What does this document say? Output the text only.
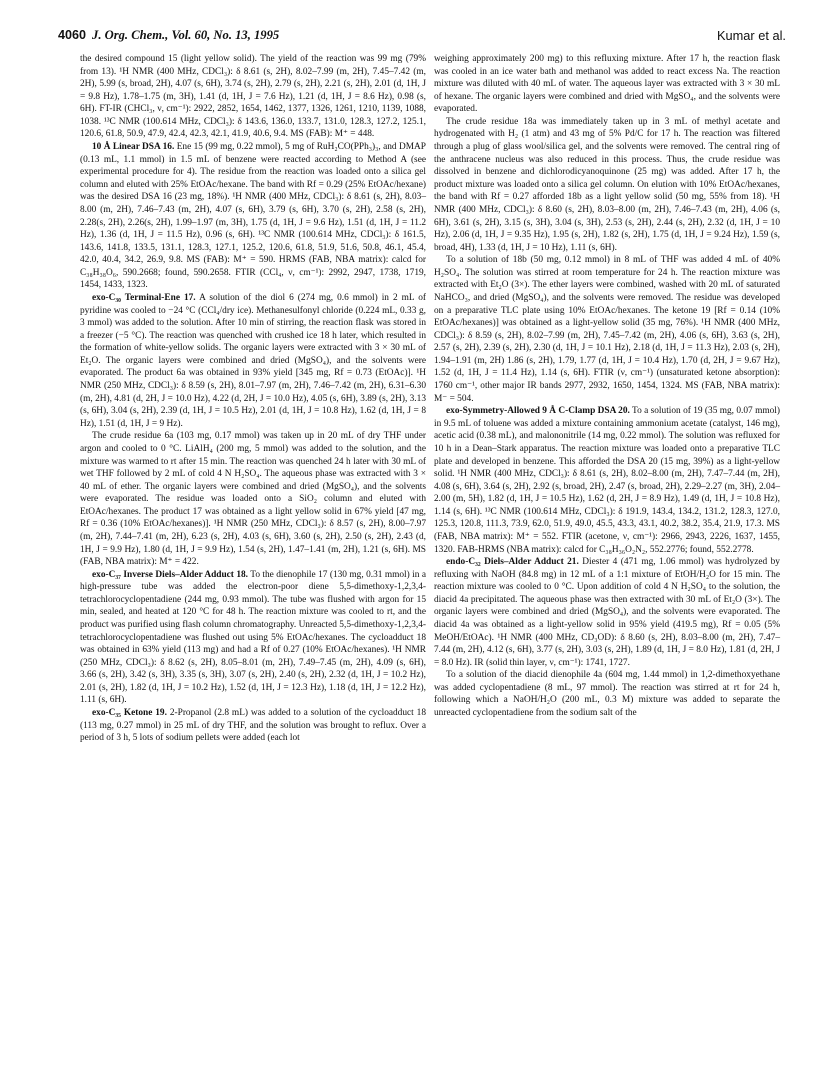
4060 J. Org. Chem., Vol. 60, No. 13, 1995	Kumar et al.

the desired compound 15 (light yellow solid). The yield of the reaction was 99 mg (79% from 13). ¹H NMR (400 MHz, CDCl₃): δ 8.61 (s, 2H), 8.02–7.99 (m, 2H), 7.45–7.42 (m, 2H), 5.99 (s, broad, 2H), 4.07 (s, 6H), 3.74 (s, 2H), 2.79 (s, 2H), 2.21 (s, 2H), 2.01 (d, 1H, J = 9.8 Hz), 1.78–1.75 (m, 3H), 1.41 (d, 1H, J = 7.6 Hz), 1.21 (d, 1H, J = 8.6 Hz), 0.98 (s, 6H). FT-IR (CHCl₃, ν, cm⁻¹): 2922, 2852, 1654, 1462, 1377, 1326, 1261, 1210, 1139, 1088, 1038. ¹³C NMR (100.614 MHz, CDCl₃): δ 143.6, 136.0, 133.7, 131.0, 128.3, 127.2, 125.1, 120.6, 61.8, 50.9, 47.9, 42.4, 42.3, 42.1, 41.9, 40.6, 9.4. MS (FAB): M⁺ = 448.

10 Å Linear DSA 16. Ene 15 (99 mg, 0.22 mmol), 5 mg of RuH₂CO(PPh₃)₃, and DMAP (0.13 mL, 1.1 mmol) in 1.5 mL of benzene were reacted according to Method A (see experimental procedure for 4). The residue from the reaction was loaded onto a silica gel column and eluted with 25% EtOAc/hexane. The band with Rf = 0.29 (25% EtOAc/hexane) was the desired DSA 16 (23 mg, 18%). ¹H NMR (400 MHz, CDCl₃): δ 8.61 (s, 2H), 8.03–8.00 (m, 2H), 7.46–7.43 (m, 2H), 4.07 (s, 6H), 3.79 (s, 6H), 3.70 (s, 2H), 2.58 (s, 2H), 2.28(s, 2H), 2.26(s, 2H), 1.99–1.97 (m, 3H), 1.75 (d, 1H, J = 9.6 Hz), 1.51 (d, 1H, J = 11.2 Hz), 1.36 (d, 1H, J = 11.5 Hz), 0.96 (s, 6H). ¹³C NMR (100.614 MHz, CDCl₃): δ 161.5, 143.6, 141.8, 133.5, 131.1, 128.3, 127.1, 125.2, 120.6, 61.8, 51.9, 51.6, 50.8, 46.1, 45.4, 42.0, 40.4, 34.2, 26.9, 9.8. MS (FAB): M⁺ = 590. HRMS (FAB, NBA matrix): calcd for C₃₈H₃₈O₆, 590.2668; found, 590.2658. FTIR (CCl₄, ν, cm⁻¹): 2992, 2947, 1738, 1719, 1454, 1433, 1323.

exo-C₃₀ Terminal-Ene 17. A solution of the diol 6 (274 mg, 0.6 mmol) in 2 mL of pyridine was cooled to −24 °C (CCl₄/dry ice). Methanesulfonyl chloride (0.224 mL, 0.33 g, 3 mmol) was added to the solution. After 10 min of stirring, the reaction flask was stored in a freezer (−5 °C). The reaction was quenched with crushed ice 18 h later, which resulted in the formation of white-yellow solids. The organic layers were extracted with 3 × 30 mL of Et₂O. The organic layers were combined and dried (MgSO₄), and the solvents were evaporated. The product 6a was obtained in 93% yield [345 mg, Rf = 0.73 (EtOAc)]. ¹H NMR (250 MHz, CDCl₃): δ 8.59 (s, 2H), 8.01–7.97 (m, 2H), 7.46–7.42 (m, 2H), 6.31–6.30 (m, 2H), 4.81 (d, 2H, J = 10.0 Hz), 4.22 (d, 2H, J = 10.0 Hz), 4.05 (s, 6H), 3.89 (s, 2H), 3.13 (s, 6H), 3.04 (s, 2H), 2.39 (d, 1H, J = 10.5 Hz), 2.01 (d, 1H, J = 10.8 Hz), 1.62 (d, 1H, J = 8 Hz), 1.51 (d, 1H, J = 9 Hz).

The crude residue 6a (103 mg, 0.17 mmol) was taken up in 20 mL of dry THF under argon and cooled to 0 °C. LiAlH₄ (200 mg, 5 mmol) was added to the solution, and the mixture was warmed to rt after 15 min. The reaction was quenched 24 h later with 30 mL of wet THF followed by 2 mL of cold 4 N H₂SO₄. The aqueous phase was extracted with 3 × 40 mL of ether. The organic layers were combined and dried (MgSO₄), and the solvents were evaporated. The residue was loaded onto a SiO₂ column and eluted with EtOAc/hexanes. The product 17 was obtained as a light yellow solid in 67% yield [47 mg, Rf = 0.36 (10% EtOAc/hexanes)]. ¹H NMR (250 MHz, CDCl₃): δ 8.57 (s, 2H), 8.00–7.97 (m, 2H), 7.44–7.41 (m, 2H), 6.23 (s, 2H), 4.03 (s, 6H), 3.60 (s, 2H), 2.50 (s, 2H), 2.43 (d, 1H, J = 9.9 Hz), 1.80 (d, 1H, J = 9.9 Hz), 1.54 (s, 2H), 1.47–1.41 (m, 2H), 1.21 (s, 6H). MS (FAB, NBA matrix): M⁺ = 422.

exo-C₃₇ Inverse Diels–Alder Adduct 18. To the dienophile 17 (130 mg, 0.31 mmol) in a high-pressure tube was added the electron-poor diene 5,5-dimethoxy-1,2,3,4-tetrachlorocyclopentadiene (244 mg, 0.93 mmol). The tube was flushed with argon for 15 min, sealed, and heated at 120 °C for 48 h. The reaction mixture was cooled to rt, and the product was purified using flash column chromatography. Unreacted 5,5-dimethoxy-1,2,3,4-tetrachlorocyclopentadiene was flushed out using 5% EtOAc/hexanes. The cycloadduct 18 was obtained in 63% yield (113 mg) and had a Rf of 0.27 (10% EtOAc/hexanes). ¹H NMR (250 MHz, CDCl₃): δ 8.62 (s, 2H), 8.05–8.01 (m, 2H), 7.49–7.45 (m, 2H), 4.09 (s, 6H), 3.66 (s, 2H), 3.42 (s, 3H), 3.35 (s, 3H), 3.07 (s, 2H), 2.40 (s, 2H), 2.32 (d, 1H, J = 10.2 Hz), 2.01 (s, 2H), 1.82 (d, 1H, J = 10.2 Hz), 1.52 (d, 1H, J = 12.3 Hz), 1.18 (d, 1H, J = 12.2 Hz), 1.11 (s, 6H).

exo-C₃₅ Ketone 19. 2-Propanol (2.8 mL) was added to a solution of the cycloadduct 18 (113 mg, 0.27 mmol) in 25 mL of dry THF, and the solution was brought to reflux. Over a period of 3 h, 5 lots of sodium pellets were added (each lot

weighing approximately 200 mg) to this refluxing mixture. After 17 h, the reaction flask was cooled in an ice water bath and methanol was added to react excess Na. The reaction mixture was diluted with 40 mL of water. The aqueous layer was extracted with 3 × 30 mL of hexane. The organic layers were combined and dried with MgSO₄, and the solvents were evaporated.

The crude residue 18a was immediately taken up in 3 mL of methyl acetate and hydrogenated with H₂ (1 atm) and 43 mg of 5% Pd/C for 17 h. The reaction was filtered through a plug of glass wool/silica gel, and the solvents were removed. The central ring of the anthracene nucleus was also reduced in this process. Thus, the crude residue was dissolved in benzene and dichlorodicyanoquinone (25 mg) was added. After 17 h, the product mixture was loaded onto a silica gel column. On elution with 10% EtOAc/hexanes, the band with Rf = 0.27 afforded 18b as a light yellow solid (50 mg, 55% from 18). ¹H NMR (400 MHz, CDCl₃): δ 8.60 (s, 2H), 8.03–8.00 (m, 2H), 7.46–7.43 (m, 2H), 4.06 (s, 6H), 3.61 (s, 2H), 3.15 (s, 3H), 3.04 (s, 3H), 2.53 (s, 2H), 2.44 (s, 2H), 2.32 (d, 1H, J = 10 Hz), 2.06 (d, 1H, J = 9.35 Hz), 1.95 (s, 2H), 1.82 (s, 2H), 1.75 (d, 1H, J = 9.24 Hz), 1.59 (s, broad, 4H), 1.33 (d, 1H, J = 10 Hz), 1.11 (s, 6H).

To a solution of 18b (50 mg, 0.12 mmol) in 8 mL of THF was added 4 mL of 40% H₂SO₄. The solution was stirred at room temperature for 24 h. The reaction mixture was extracted with Et₂O (3×). The ether layers were combined, washed with 20 mL of saturated NaHCO₃, and dried (MgSO₄), and the solvents were removed. The residue was developed on a preparative TLC plate using 10% EtOAc/hexanes. The ketone 19 [Rf = 0.14 (10% EtOAc/hexanes)] was obtained as a light-yellow solid (35 mg, 76%). ¹H NMR (400 MHz, CDCl₃): δ 8.59 (s, 2H), 8.02–7.99 (m, 2H), 7.45–7.42 (m, 2H), 4.06 (s, 6H), 3.63 (s, 2H), 2.57 (s, 2H), 2.39 (s, 2H), 2.30 (d, 1H, J = 10.1 Hz), 2.18 (d, 1H, J = 11.3 Hz), 2.03 (s, 2H), 1.94–1.91 (m, 2H) 1.86 (s, 2H), 1.79, 1.77 (d, 1H, J = 10.4 Hz), 1.70 (d, 2H, J = 9.67 Hz), 1.52 (d, 1H, J = 11.4 Hz), 1.14 (s, 6H). FTIR (ν, cm⁻¹) (unsaturated ketone absorption): 1760 cm⁻¹, other major IR bands 2977, 2932, 1650, 1454, 1324. MS (FAB, NBA matrix): M⁻ = 504.

exo-Symmetry-Allowed 9 Å C-Clamp DSA 20. To a solution of 19 (35 mg, 0.07 mmol) in 9.5 mL of toluene was added a mixture containing ammonium acetate (catalyst, 146 mg), acetic acid (0.38 mL), and malononitrile (14 mg, 0.22 mmol). The solution was refluxed for 10 h in a Dean–Stark apparatus. The reaction mixture was loaded onto a preparative TLC plate and developed in benzene. This afforded the DSA 20 (15 mg, 39%) as a light-yellow solid. ¹H NMR (400 MHz, CDCl₃): δ 8.61 (s, 2H), 8.02–8.00 (m, 2H), 7.47–7.44 (m, 2H), 4.08 (s, 6H), 3.64 (s, 2H), 2.92 (s, broad, 2H), 2.47 (s, broad, 2H), 2.29–2.27 (m, 3H), 2.04–2.00 (m, 5H), 1.82 (d, 1H, J = 10.5 Hz), 1.62 (d, 2H, J = 8.9 Hz), 1.49 (d, 1H, J = 10.8 Hz), 1.14 (s, 6H). ¹³C NMR (100.614 MHz, CDCl₃): δ 191.9, 143.4, 134.2, 131.2, 128.3, 127.0, 125.3, 120.8, 111.3, 73.9, 62.0, 51.9, 49.0, 45.5, 43.3, 43.1, 40.2, 38.2, 35.4, 21.9, 17.3. MS (FAB, NBA matrix): M⁺ = 552. FTIR (acetone, ν, cm⁻¹): 2966, 2943, 2226, 1637, 1455, 1320. FAB-HRMS (NBA matrix): calcd for C₃₈H₃₆O₂N₂, 552.2776; found, 552.2778.

endo-C₃₂ Diels–Alder Adduct 21. Diester 4 (471 mg, 1.06 mmol) was hydrolyzed by refluxing with NaOH (84.8 mg) in 12 mL of a 1:1 mixture of EtOH/H₂O for 15 min. The reaction mixture was cooled to 0 °C. Upon addition of cold 4 N H₂SO₄ to the solution, the diacid 4a precipitated. The aqueous phase was then extracted with 30 mL of Et₂O (3×). The organic layers were combined and dried (MgSO₄), and the solvents were evaporated. The diacid 4a was obtained as a light-yellow solid in 95% yield (419.5 mg), Rf = 0.05 (5% MeOH/EtOAc). ¹H NMR (400 MHz, CD₃OD): δ 8.60 (s, 2H), 8.03–8.00 (m, 2H), 7.47–7.44 (m, 2H), 4.12 (s, 6H), 3.77 (s, 2H), 3.03 (s, 2H), 1.89 (d, 1H, J = 8.0 Hz), 1.81 (d, 2H, J = 8.0 Hz). IR (solid thin layer, ν, cm⁻¹): 1741, 1727.

To a solution of the diacid dienophile 4a (604 mg, 1.44 mmol) in 1,2-dimethoxyethane was added cyclopentadiene (8 mL, 97 mmol). The reaction was stirred at rt for 24 h, following which a NaOH/H₂O (200 mL, 0.3 M) mixture was added to separate the unreacted cyclopentadiene from the sodium salt of the
